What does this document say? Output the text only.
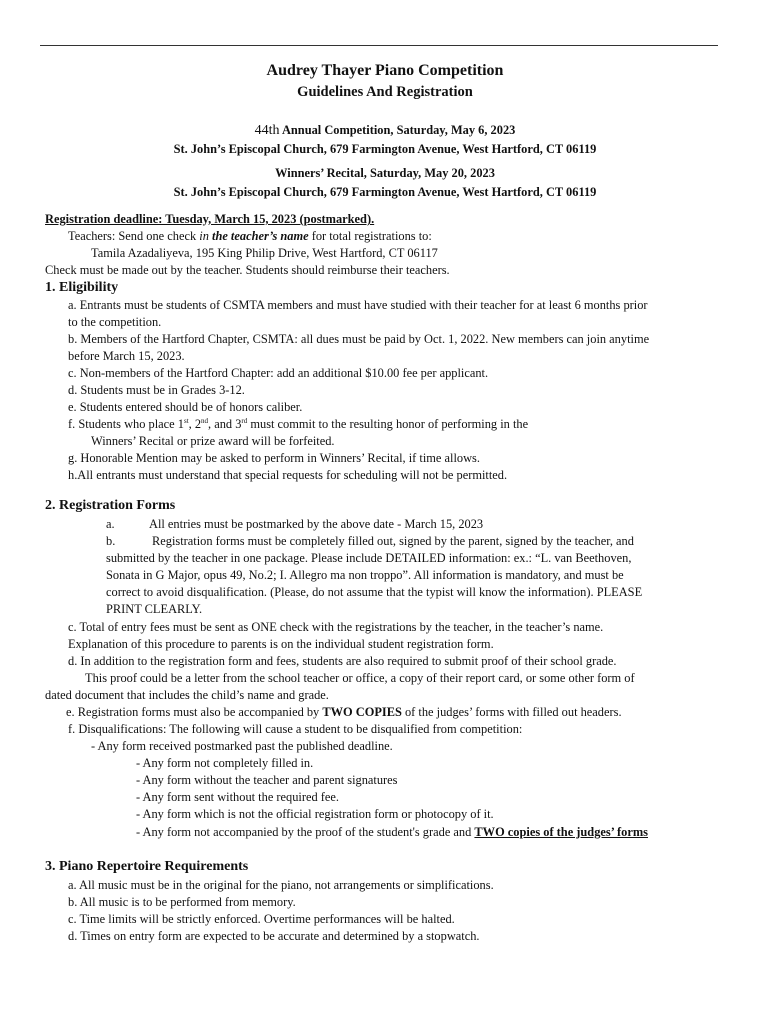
Audrey Thayer Piano Competition
Guidelines And Registration
44th Annual Competition, Saturday, May 6, 2023
St. John’s Episcopal Church, 679 Farmington Avenue, West Hartford, CT 06119
Winners’ Recital, Saturday, May 20, 2023
St. John’s Episcopal Church, 679 Farmington Avenue, West Hartford, CT 06119
Registration deadline: Tuesday, March 15, 2023 (postmarked).
Teachers: Send one check in the teacher’s name for total registrations to:
Tamila Azadaliyeva, 195 King Philip Drive, West Hartford, CT 06117
Check must be made out by the teacher. Students should reimburse their teachers.
1. Eligibility
a. Entrants must be students of CSMTA members and must have studied with their teacher for at least 6 months prior
to the competition.
b. Members of the Hartford Chapter, CSMTA: all dues must be paid by Oct. 1, 2022. New members can join anytime
before March 15, 2023.
c. Non-members of the Hartford Chapter: add an additional $10.00 fee per applicant.
d. Students must be in Grades 3-12.
e. Students entered should be of honors caliber.
f. Students who place 1st, 2nd, and 3rd must commit to the resulting honor of performing in the
Winners’ Recital or prize award will be forfeited.
g. Honorable Mention may be asked to perform in Winners’ Recital, if time allows.
h.All entrants must understand that special requests for scheduling will not be permitted.
2. Registration Forms
a.	All entries must be postmarked by the above date - March 15, 2023
b.	Registration forms must be completely filled out, signed by the parent, signed by the teacher, and
submitted by the teacher in one package. Please include DETAILED information: ex.: “L. van Beethoven,
Sonata in G Major, opus 49, No.2; I. Allegro ma non troppo”. All information is mandatory, and must be
correct to avoid disqualification. (Please, do not assume that the typist will know the information). PLEASE
PRINT CLEARLY.
c. Total of entry fees must be sent as ONE check with the registrations by the teacher, in the teacher’s name.
Explanation of this procedure to parents is on the individual student registration form.
d. In addition to the registration form and fees, students are also required to submit proof of their school grade.
This proof could be a letter from the school teacher or office, a copy of their report card, or some other form of
dated document that includes the child’s name and grade.
e. Registration forms must also be accompanied by TWO COPIES of the judges’ forms with filled out headers.
f. Disqualifications: The following will cause a student to be disqualified from competition:
- Any form received postmarked past the published deadline.
- Any form not completely filled in.
- Any form without the teacher and parent signatures
- Any form sent without the required fee.
- Any form which is not the official registration form or photocopy of it.
- Any form not accompanied by the proof of the student's grade and TWO copies of the judges’ forms
3. Piano Repertoire Requirements
a. All music must be in the original for the piano, not arrangements or simplifications.
b. All music is to be performed from memory.
c. Time limits will be strictly enforced. Overtime performances will be halted.
d. Times on entry form are expected to be accurate and determined by a stopwatch.
